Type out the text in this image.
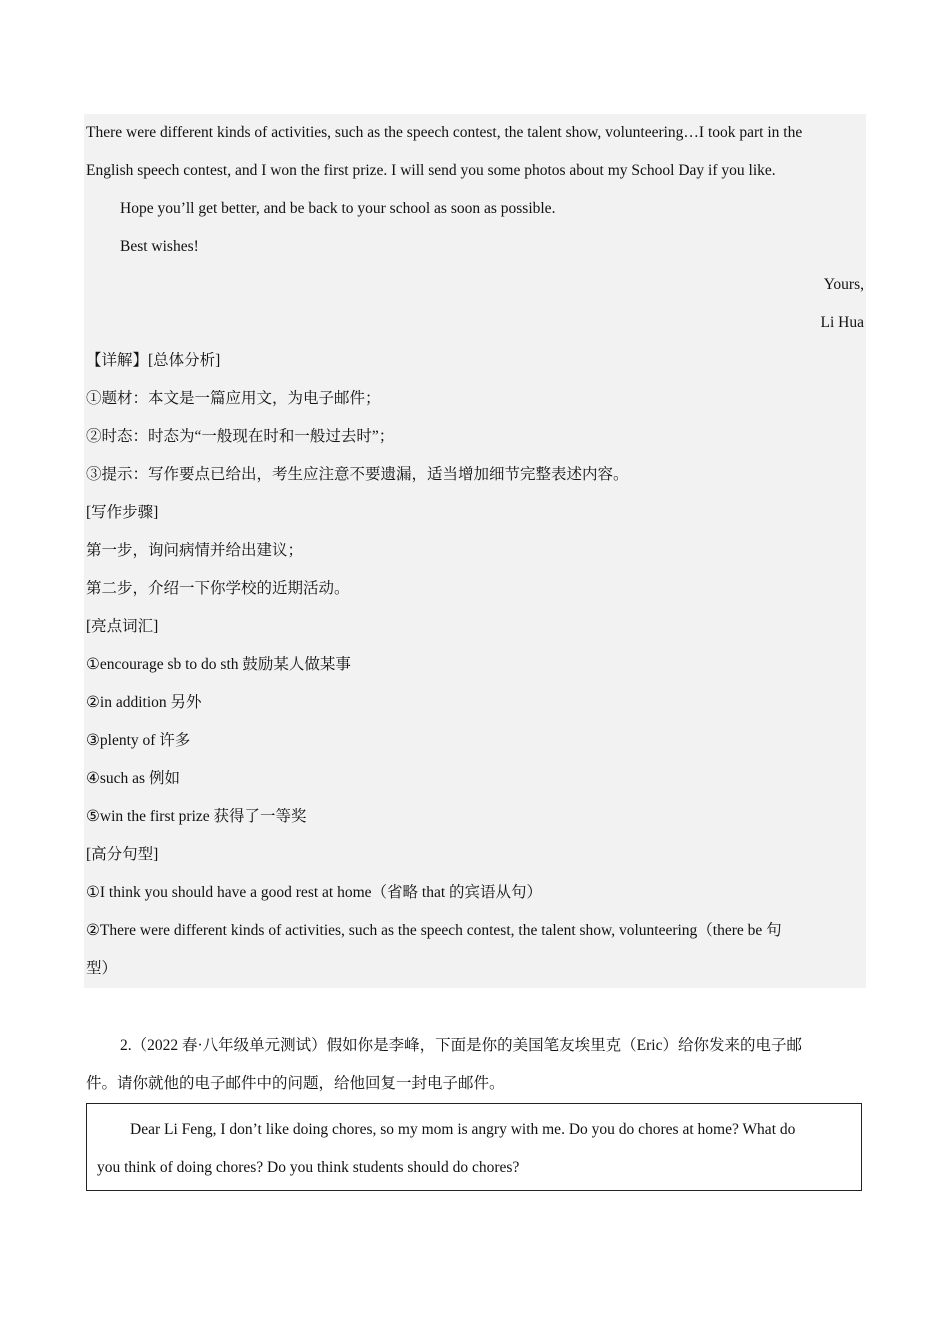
There were different kinds of activities, such as the speech contest, the talent show, volunteering…I took part in the
English speech contest, and I won the first prize. I will send you some photos about my School Day if you like.
Hope you’ll get better, and be back to your school as soon as possible.
Best wishes!
Yours,
Li Hua
【详解】[总体分析]
①题材：本文是一篇应用文，为电子邮件；
②时态：时态为“一般现在时和一般过去时”；
③提示：写作要点已给出，考生应注意不要遗漏，适当增加细节完整表述内容。
[写作步骤]
第一步，询问病情并给出建议；
第二步，介绍一下你学校的近期活动。
[亮点词汇]
①encourage sb to do sth 鼓励某人做某事
②in addition 另外
③plenty of 许多
④such as 例如
⑤win the first prize 获得了一等奖
[高分句型]
①I think you should have a good rest at home（省略 that 的宾语从句）
②There were different kinds of activities, such as the speech contest, the talent show, volunteering（there be 句
型）
2.（2022 春·八年级单元测试）假如你是李峰，下面是你的美国笔友埃里克（Eric）给你发来的电子邮
件。请你就他的电子邮件中的问题，给他回复一封电子邮件。
Dear Li Feng, I don’t like doing chores, so my mom is angry with me. Do you do chores at home? What do
you think of doing chores? Do you think students should do chores?
